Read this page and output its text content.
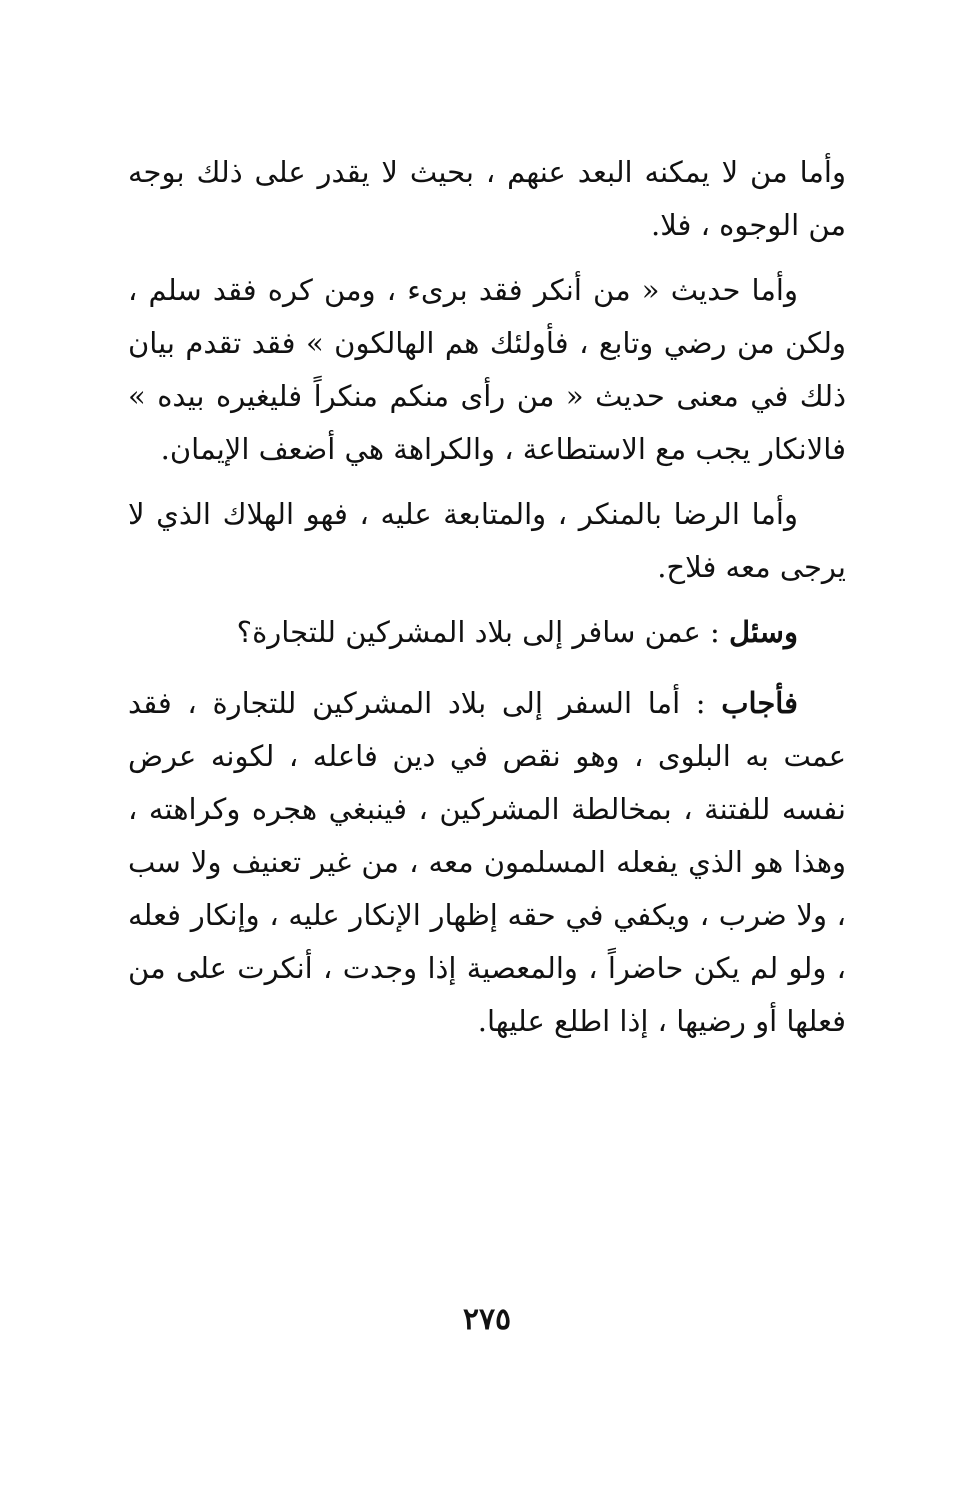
وأما من لا يمكنه البعد عنهم ، بحيث لا يقدر على ذلك بوجه من الوجوه ، فلا.

وأما حديث « من أنكر فقد برىء ، ومن كره فقد سلم ، ولكن من رضي وتابع ، فأولئك هم الهالكون » فقد تقدم بيان ذلك في معنى حديث « من رأى منكم منكراً فليغيره بيده » فالانكار يجب مع الاستطاعة ، والكراهة هي أضعف الإيمان.

وأما الرضا بالمنكر ، والمتابعة عليه ، فهو الهلاك الذي لا يرجى معه فلاح.

وسئل : عمن سافر إلى بلاد المشركين للتجارة؟

فأجاب : أما السفر إلى بلاد المشركين للتجارة ، فقد عمت به البلوى ، وهو نقص في دين فاعله ، لكونه عرض نفسه للفتنة ، بمخالطة المشركين ، فينبغي هجره وكراهته ، وهذا هو الذي يفعله المسلمون معه ، من غير تعنيف ولا سب ، ولا ضرب ، ويكفي في حقه إظهار الإنكار عليه ، وإنكار فعله ، ولو لم يكن حاضراً ، والمعصية إذا وجدت ، أنكرت على من فعلها أو رضيها ، إذا اطلع عليها.

٢٧٥
